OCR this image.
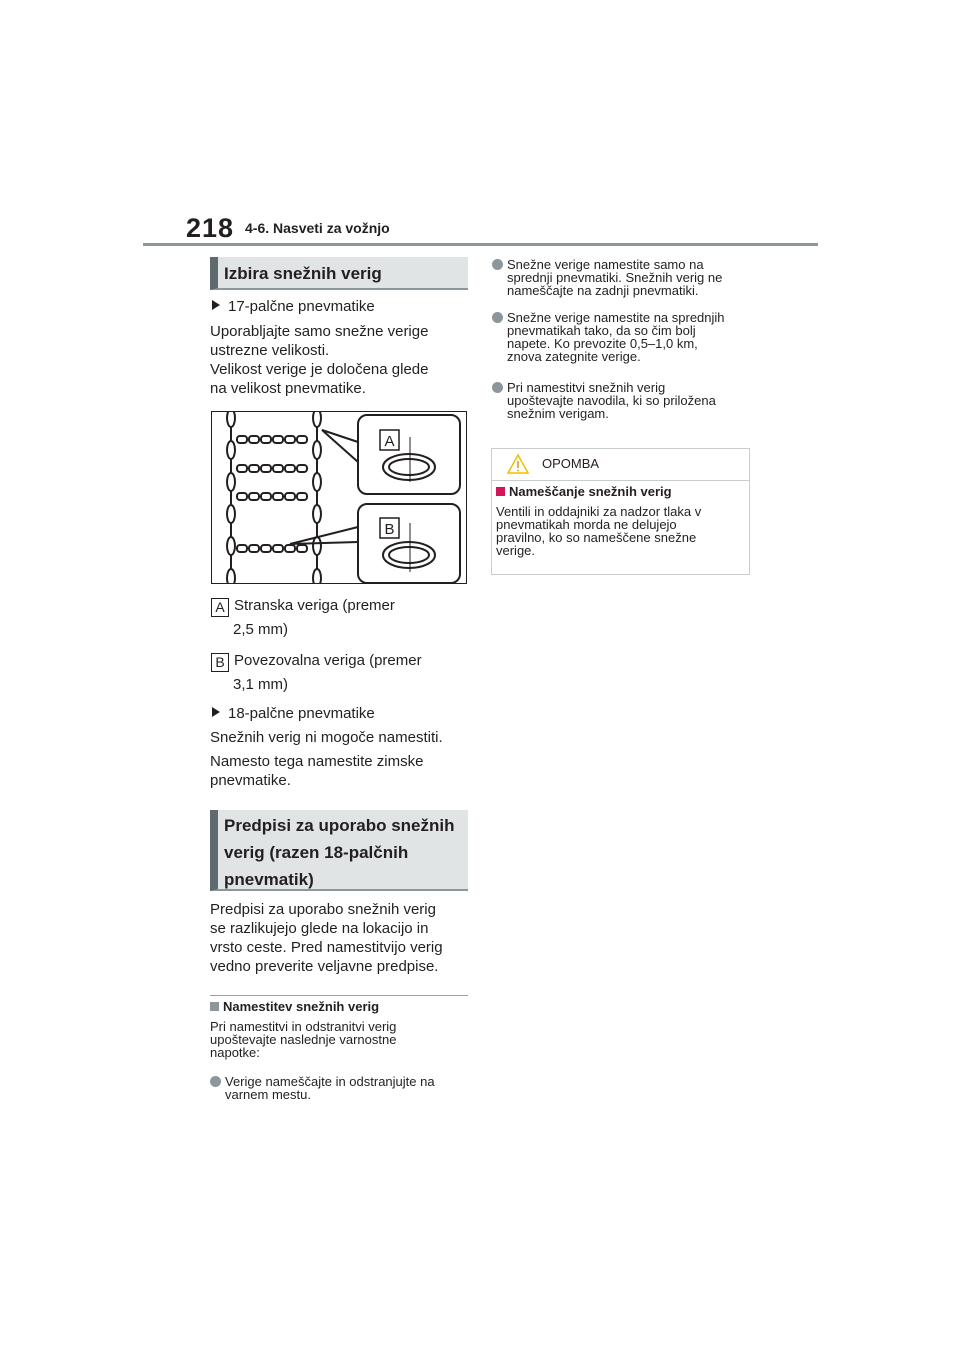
218 4-6. Nasveti za vožnjo
Izbira snežnih verig
17-palčne pnevmatike
Uporabljajte samo snežne verige
ustrezne velikosti.
Velikost verige je določena glede
na velikost pnevmatike.
A
B
A Stranska veriga (premer
2,5 mm)
B Povezovalna veriga (premer
3,1 mm)
18-palčne pnevmatike
Snežnih verig ni mogoče namestiti.
Namesto tega namestite zimske
pnevmatike.
Predpisi za uporabo snežnih
verig (razen 18-palčnih
pnevmatik)
Predpisi za uporabo snežnih verig
se razlikujejo glede na lokacijo in
vrsto ceste. Pred namestitvijo verig
vedno preverite veljavne predpise.
Namestitev snežnih verig
Pri namestitvi in odstranitvi verig
upoštevajte naslednje varnostne
napotke:
Verige nameščajte in odstranjujte na
varnem mestu.
Snežne verige namestite samo na
sprednji pnevmatiki. Snežnih verig ne
nameščajte na zadnji pnevmatiki.
Snežne verige namestite na sprednjih
pnevmatikah tako, da so čim bolj
napete. Ko prevozite 0,5–1,0 km,
znova zategnite verige.
Pri namestitvi snežnih verig
upoštevajte navodila, ki so priložena
snežnim verigam.
OPOMBA
Nameščanje snežnih verig
Ventili in oddajniki za nadzor tlaka v
pnevmatikah morda ne delujejo
pravilno, ko so nameščene snežne
verige.
